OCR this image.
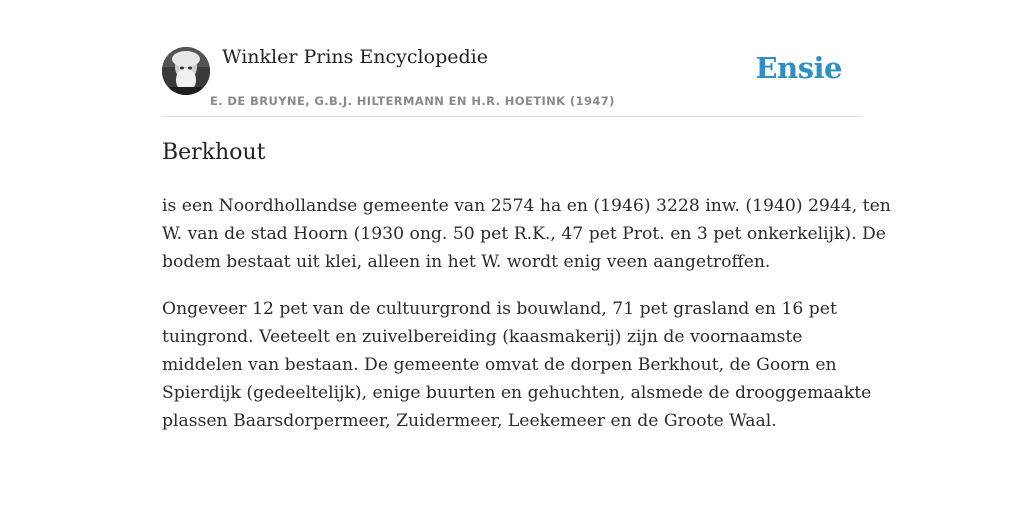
Winkler Prins Encyclopedie
E. DE BRUYNE, G.B.J. HILTERMANN EN H.R. HOETINK (1947)
Ensie
Berkhout

is een Noordhollandse gemeente van 2574 ha en (1946) 3228 inw. (1940) 2944, ten
W. van de stad Hoorn (1930 ong. 50 pet R.K., 47 pet Prot. en 3 pet onkerkelijk). De
bodem bestaat uit klei, alleen in het W. wordt enig veen aangetroffen.

Ongeveer 12 pet van de cultuurgrond is bouwland, 71 pet grasland en 16 pet
tuingrond. Veeteelt en zuivelbereiding (kaasmakerij) zijn de voornaamste
middelen van bestaan. De gemeente omvat de dorpen Berkhout, de Goorn en
Spierdijk (gedeeltelijk), enige buurten en gehuchten, alsmede de drooggemaakte
plassen Baarsdorpermeer, Zuidermeer, Leekemeer en de Groote Waal.
